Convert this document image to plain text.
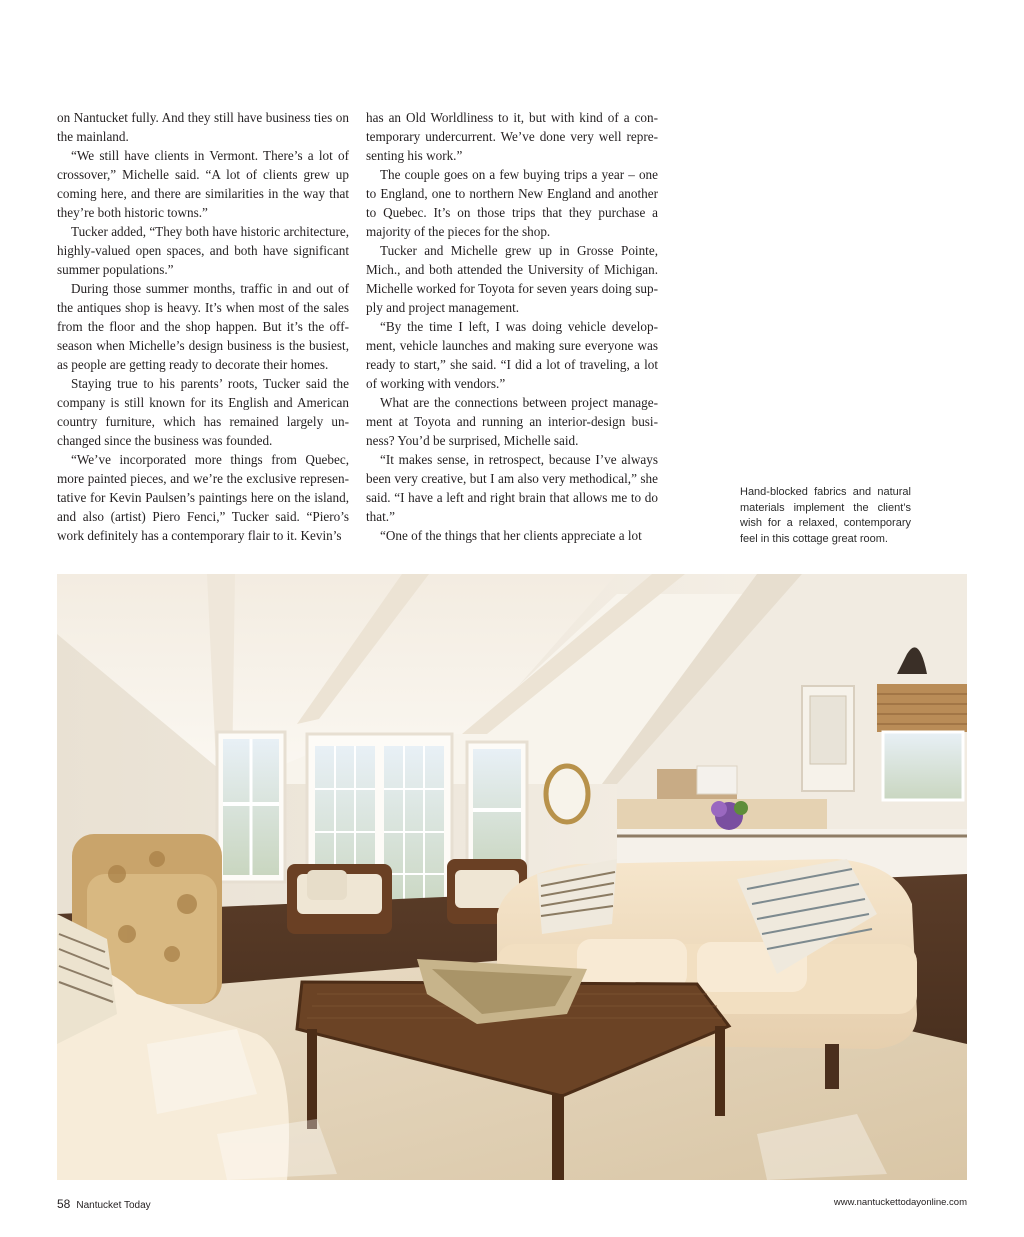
on Nantucket fully. And they still have business ties on the mainland.

“We still have clients in Vermont. There’s a lot of crossover,” Michelle said. “A lot of clients grew up coming here, and there are similarities in the way that they’re both historic towns.”

Tucker added, “They both have historic architecture, highly-valued open spaces, and both have significant summer populations.”

During those summer months, traffic in and out of the antiques shop is heavy. It’s when most of the sales from the floor and the shop happen. But it’s the off-season when Michelle’s design business is the busiest, as people are getting ready to decorate their homes.

Staying true to his parents’ roots, Tucker said the company is still known for its English and American country furniture, which has remained largely unchanged since the business was founded.

“We’ve incorporated more things from Quebec, more painted pieces, and we’re the exclusive representative for Kevin Paulsen’s paintings here on the island, and also (artist) Piero Fenci,” Tucker said. “Piero’s work definitely has a contemporary flair to it. Kevin’s

has an Old Worldliness to it, but with kind of a contemporary undercurrent. We’ve done very well representing his work.”

The couple goes on a few buying trips a year – one to England, one to northern New England and another to Quebec. It’s on those trips that they purchase a majority of the pieces for the shop.

Tucker and Michelle grew up in Grosse Pointe, Mich., and both attended the University of Michigan. Michelle worked for Toyota for seven years doing supply and project management.

“By the time I left, I was doing vehicle development, vehicle launches and making sure everyone was ready to start,” she said. “I did a lot of traveling, a lot of working with vendors.”

What are the connections between project management at Toyota and running an interior-design business? You’d be surprised, Michelle said.

“It makes sense, in retrospect, because I’ve always been very creative, but I am also very methodical,” she said. “I have a left and right brain that allows me to do that.”

“One of the things that her clients appreciate a lot

Hand-blocked fabrics and natural materials implement the client’s wish for a relaxed, contemporary feel in this cottage great room.
58 Nantucket Today	www.nantuckettodayonline.com
